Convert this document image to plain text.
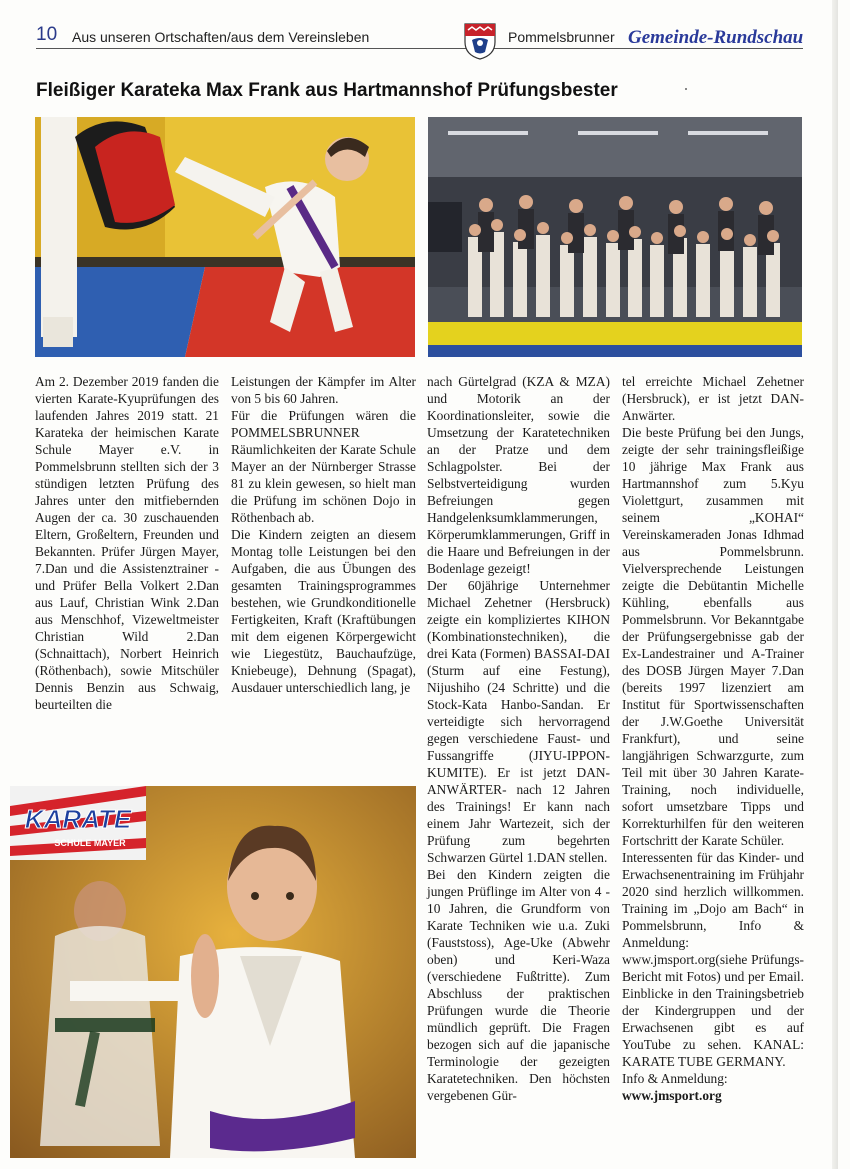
10 Aus unseren Ortschaften/aus dem Vereinsleben	Pommelsbrunner Gemeinde-Rundschau
Fleißiger Karateka Max Frank aus Hartmannshof Prüfungsbester
KARATE
SCHULE MAYER

Am 2. Dezember 2019 fanden die vierten Karate-Kyuprüfungen des laufenden Jahres 2019 statt. 21 Karateka der heimischen Karate Schule Mayer e.V. in Pommelsbrunn stellten sich der 3 stündigen letzten Prüfung des Jahres unter den mitfiebernden Augen der ca. 30 zuschauenden Eltern, Großeltern, Freunden und Bekannten. Prüfer Jürgen Mayer, 7.Dan und die Assistenztrainer - und Prüfer Bella Volkert 2.Dan aus Lauf, Christian Wink 2.Dan aus Menschhof, Vizeweltmeister Christian Wild 2.Dan (Schnaittach), Norbert Heinrich (Röthenbach), sowie Mitschüler Dennis Benzin aus Schwaig, beurteilten die

Leistungen der Kämpfer im Alter von 5 bis 60 Jahren.

Für die Prüfungen wären die POMMELSBRUNNER Räumlichkeiten der Karate Schule Mayer an der Nürnberger Strasse 81 zu klein gewesen, so hielt man die Prüfung im schönen Dojo in Röthenbach ab.

Die Kindern zeigten an diesem Montag tolle Leistungen bei den Aufgaben, die aus Übungen des gesamten Trainingsprogrammes bestehen, wie Grundkonditionelle Fertigkeiten, Kraft (Kraftübungen mit dem eigenen Körpergewicht wie Liegestütz, Bauchaufzüge, Kniebeuge), Dehnung (Spagat), Ausdauer unterschiedlich lang, je

nach Gürtelgrad (KZA & MZA) und Motorik an der Koordinationsleiter, sowie die Umsetzung der Karatetechniken an der Pratze und dem Schlagpolster. Bei der Selbstverteidigung wurden Befreiungen gegen Handgelenksumklammerungen, Körperumklammerungen, Griff in die Haare und Befreiungen in der Bodenlage gezeigt!

Der 60jährige Unternehmer Michael Zehetner (Hersbruck) zeigte ein kompliziertes KIHON (Kombinationstechniken), die drei Kata (Formen) BASSAI-DAI (Sturm auf eine Festung), Nijushiho (24 Schritte) und die Stock-Kata Hanbo-Sandan. Er verteidigte sich hervorragend gegen verschiedene Faust- und Fussangriffe (JIYU-IPPON-KUMITE). Er ist jetzt DAN-ANWÄRTER- nach 12 Jahren des Trainings! Er kann nach einem Jahr Wartezeit, sich der Prüfung zum begehrten Schwarzen Gürtel 1.DAN stellen.

Bei den Kindern zeigten die jungen Prüflinge im Alter von 4 - 10 Jahren, die Grundform von Karate Techniken wie u.a. Zuki (Fauststoss), Age-Uke (Abwehr oben) und Keri-Waza (verschiedene Fußtritte). Zum Abschluss der praktischen Prüfungen wurde die Theorie mündlich geprüft. Die Fragen bezogen sich auf die japanische Terminologie der gezeigten Karatetechniken. Den höchsten vergebenen Gür-

tel erreichte Michael Zehetner (Hersbruck), er ist jetzt DAN-Anwärter.

Die beste Prüfung bei den Jungs, zeigte der sehr trainingsfleißige 10 jährige Max Frank aus Hartmannshof zum 5.Kyu Violettgurt, zusammen mit seinem „KOHAI“ Vereinskameraden Jonas Idhmad aus Pommelsbrunn. Vielversprechende Leistungen zeigte die Debütantin Michelle Kühling, ebenfalls aus Pommelsbrunn. Vor Bekanntgabe der Prüfungsergebnisse gab der Ex-Landestrainer und A-Trainer des DOSB Jürgen Mayer 7.Dan (bereits 1997 lizenziert am Institut für Sportwissenschaften der J.W.Goethe Universität Frankfurt), und seine langjährigen Schwarzgurte, zum Teil mit über 30 Jahren Karate-Training, noch individuelle, sofort umsetzbare Tipps und Korrekturhilfen für den weiteren Fortschritt der Karate Schüler.

Interessenten für das Kinder- und Erwachsenentraining im Frühjahr 2020 sind herzlich willkommen. Training im „Dojo am Bach“ in Pommelsbrunn, Info & Anmeldung: www.jmsport.org(siehe Prüfungs-Bericht mit Fotos) und per Email. Einblicke in den Trainingsbetrieb der Kindergruppen und der Erwachsenen gibt es auf YouTube zu sehen. KANAL: KARATE TUBE GERMANY.

Info & Anmeldung:

www.jmsport.org
